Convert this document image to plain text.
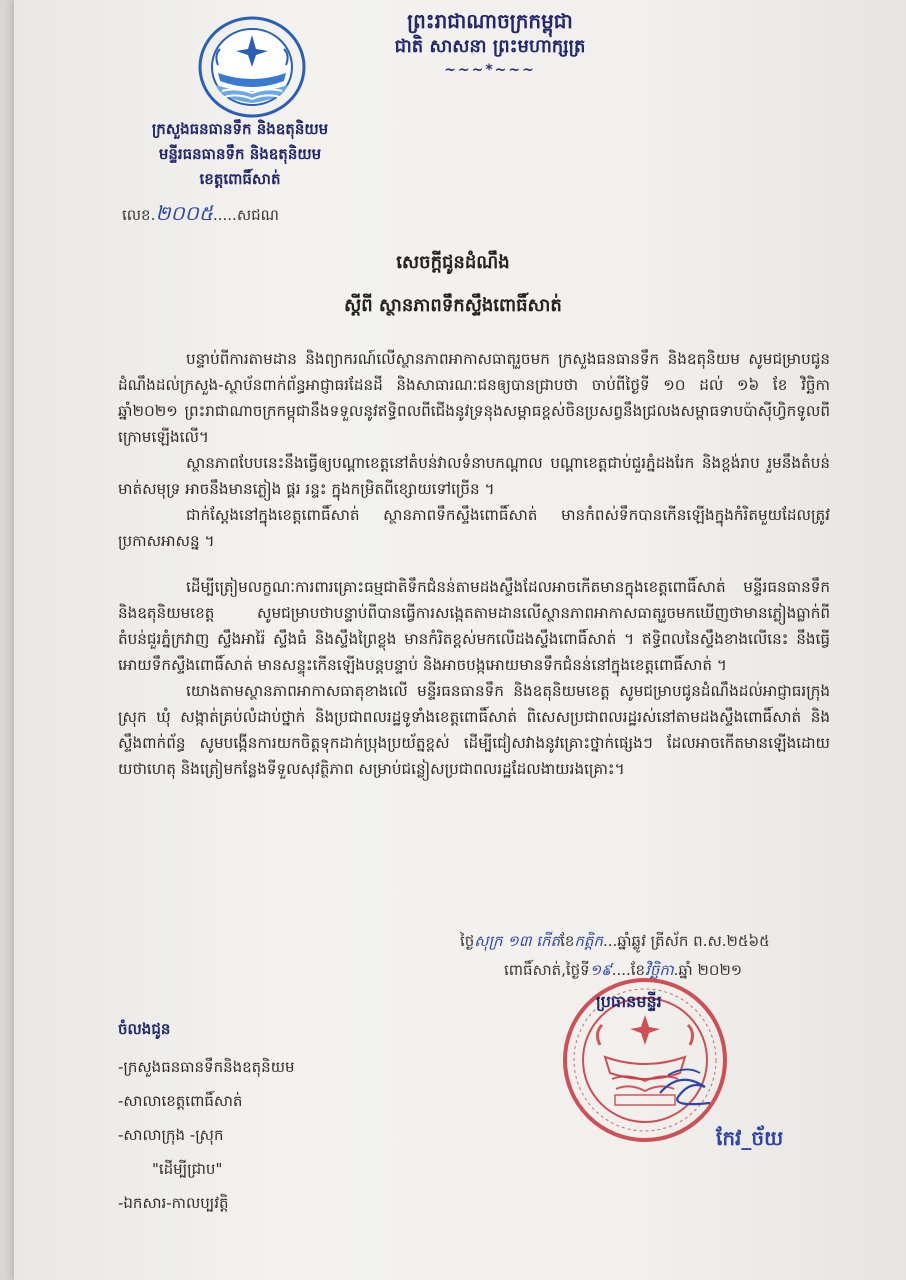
ព្រះរាជាណាចក្រកម្ពុជា
ជាតិ សាសនា ព្រះមហាក្សត្រ
~~~*~~~
ក្រសួងធនធានទឹក និងឧតុនិយម
មន្ទីរធនធានទឹក និងឧតុនិយម
ខេត្តពោធិ៍សាត់
លេខ.២០០៥.....សជណ
សេចក្ដីជូនដំណឹង
ស្ដីពី ស្ថានភាពទឹកស្ទឹងពោធិ៍សាត់

បន្ទាប់ពីការតាមដាន និងព្យាករណ៍លើស្ថានភាពអាកាសធាតុរួចមក ក្រសួងធនធានទឹក និងឧតុនិយម សូមជម្រាបជូនដំណឹងដល់ក្រសួង-ស្ថាប័នពាក់ព័ន្ធអាជ្ញាធរដែនដី និងសាធារណៈជនឲ្យបានជ្រាបថា ចាប់ពីថ្ងៃទី ១០ ដល់ ១៦ ខែ វិច្ឆិកា ឆ្នាំ២០២១ ព្រះរាជាណាចក្រកម្ពុជានឹងទទួលនូវឥទ្ធិពលពីជើងនូវទ្រនុងសម្ពាធខ្ពស់ចិនប្រសព្វនឹងជ្រលងសម្ពាធទាបប៉ាស៊ីហ្វិកទូលពីក្រោមឡើងលើ។

ស្ថានភាពបែបនេះនឹងធ្វើឲ្យបណ្ដាខេត្តនៅតំបន់វាលទំនាបកណ្ដាល បណ្ដាខេត្តជាប់ជួរភ្នំដងរែក និងខ្ពង់រាប រួមនឹងតំបន់មាត់សមុទ្រ អាចនឹងមានភ្លៀង ផ្គរ រន្ទះ ក្នុងកម្រិតពីខ្សោយទៅច្រើន ។

ជាក់ស្ដែងនៅក្នុងខេត្តពោធិ៍សាត់ ស្ថានភាពទឹកស្ទឹងពោធិ៍សាត់ មានកំពស់ទឹកបានកើនឡើងក្នុងកំរិតមួយដែលត្រូវប្រកាសអាសន្ន ។

ដើម្បីត្រៀមលក្ខណៈការពារគ្រោះធម្មជាតិទឹកជំនន់តាមដងស្ទឹងដែលអាចកើតមានក្នុងខេត្តពោធិ៍សាត់ មន្ទីរធនធានទឹក និងឧតុនិយមខេត្ត សូមជម្រាបថាបន្ទាប់ពីបានធ្វើការសង្កេតតាមដានលើស្ថានភាពអាកាសធាតុរួចមកឃើញថាមានភ្លៀងធ្លាក់ពីតំបន់ជួរភ្នំក្រវាញ ស្ទឹងអារ៉ៃ ស្ទឹងធំ និងស្ទឹងព្រៃខ្លុង មានកំរិតខ្ពស់មកលើដងស្ទឹងពោធិ៍សាត់ ។ ឥទ្ធិពលនៃស្ទឹងខាងលើនេះ នឹងធ្វើអោយទឹកស្ទឹងពោធិ៍សាត់ មានសន្ទុះកើនឡើងបន្តបន្ទាប់ និងអាចបង្កអោយមានទឹកជំនន់នៅក្នុងខេត្តពោធិ៍សាត់ ។

យោងតាមស្ថានភាពអាកាសធាតុខាងលើ មន្ទីរធនធានទឹក និងឧតុនិយមខេត្ត សូមជម្រាបជូនដំណឹងដល់អាជ្ញាធរក្រុង ស្រុក ឃុំ សង្កាត់គ្រប់លំដាប់ថ្នាក់ និងប្រជាពលរដ្ឋទូទាំងខេត្តពោធិ៍សាត់ ពិសេសប្រជាពលរដ្ឋរស់នៅតាមដងស្ទឹងពោធិ៍សាត់ និងស្ទឹងពាក់ព័ន្ធ សូមបង្កើនការយកចិត្តទុកដាក់ប្រុងប្រយ័ត្នខ្ពស់ ដើម្បីជៀសវាងនូវគ្រោះថ្នាក់ផ្សេងៗ ដែលអាចកើតមានឡើងដោយយថាហេតុ និងត្រៀមកន្លែងទីទួលសុវត្ថិភាព សម្រាប់ជន្លៀសប្រជាពលរដ្ឋដែលងាយរងគ្រោះ។

ថ្ងៃសុក្រ ១៣ កើតខែកត្តិក...ឆ្នាំឆ្លូវ ត្រីស័ក ព.ស.២៥៦៥
ពោធិ៍សាត់,ថ្ងៃទី១៩....ខែវិច្ឆិកា.ឆ្នាំ ២០២១
ប្រធានមន្ទីរ
កែវ_ច័យ
ចំលងជូន
-ក្រសួងធនធានទឹកនិងឧតុនិយម
-សាលាខេត្តពោធិ៍សាត់
-សាលាក្រុង -ស្រុក
"ដើម្បីជ្រាប"
-ឯកសារ-កាលប្បវត្តិ
